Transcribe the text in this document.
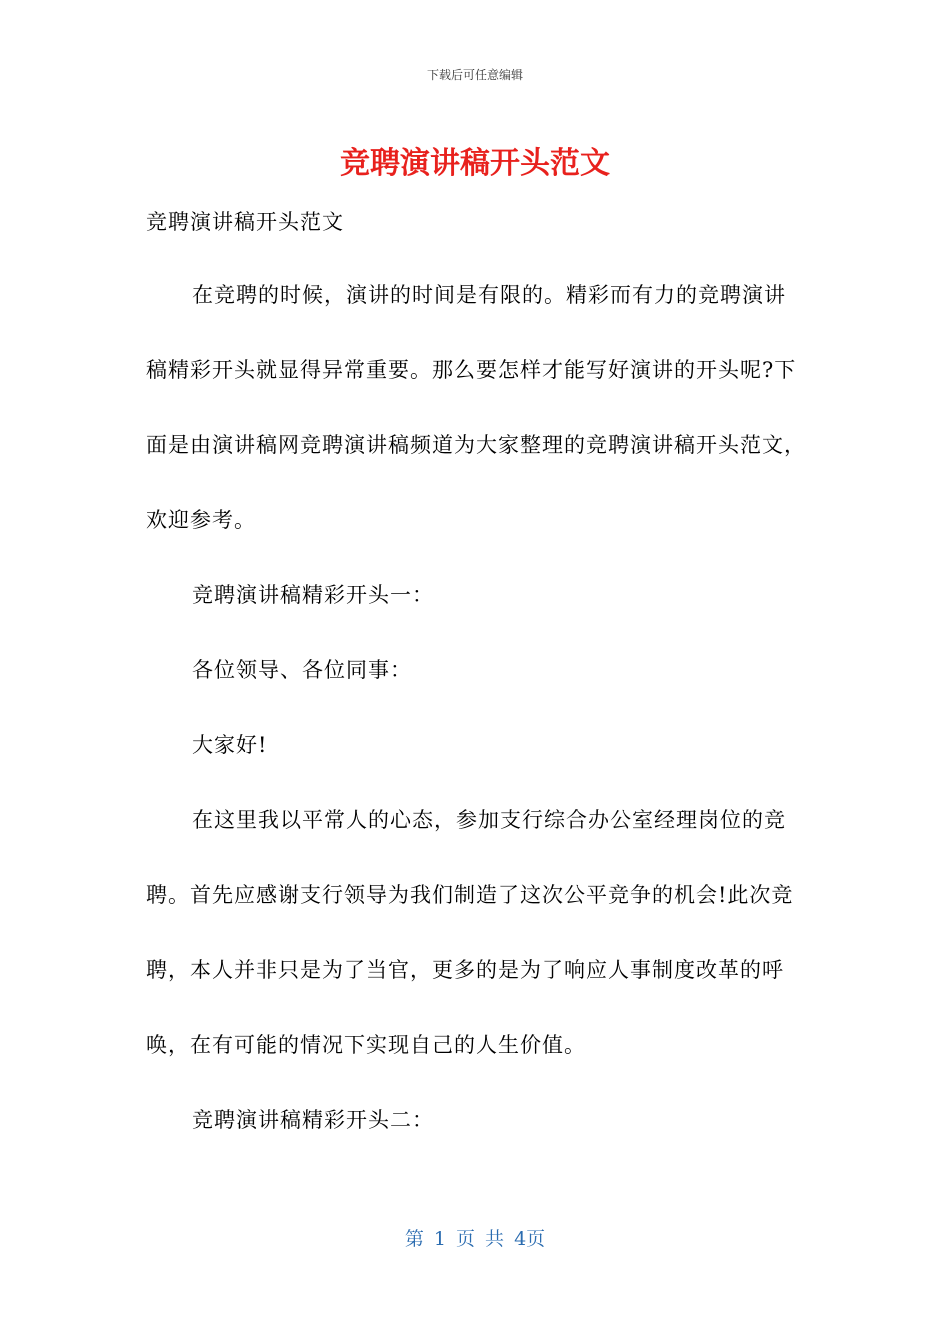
下载后可任意编辑
竞聘演讲稿开头范文

竞聘演讲稿开头范文

在竞聘的时候，演讲的时间是有限的。精彩而有力的竞聘演讲稿精彩开头就显得异常重要。那么要怎样才能写好演讲的开头呢?下面是由演讲稿网竞聘演讲稿频道为大家整理的竞聘演讲稿开头范文，欢迎参考。

竞聘演讲稿精彩开头一：

各位领导、各位同事：

大家好!

在这里我以平常人的心态，参加支行综合办公室经理岗位的竞聘。首先应感谢支行领导为我们制造了这次公平竞争的机会!此次竞聘，本人并非只是为了当官，更多的是为了响应人事制度改革的呼唤，在有可能的情况下实现自己的人生价值。

竞聘演讲稿精彩开头二：

第 1 页 共 4页
